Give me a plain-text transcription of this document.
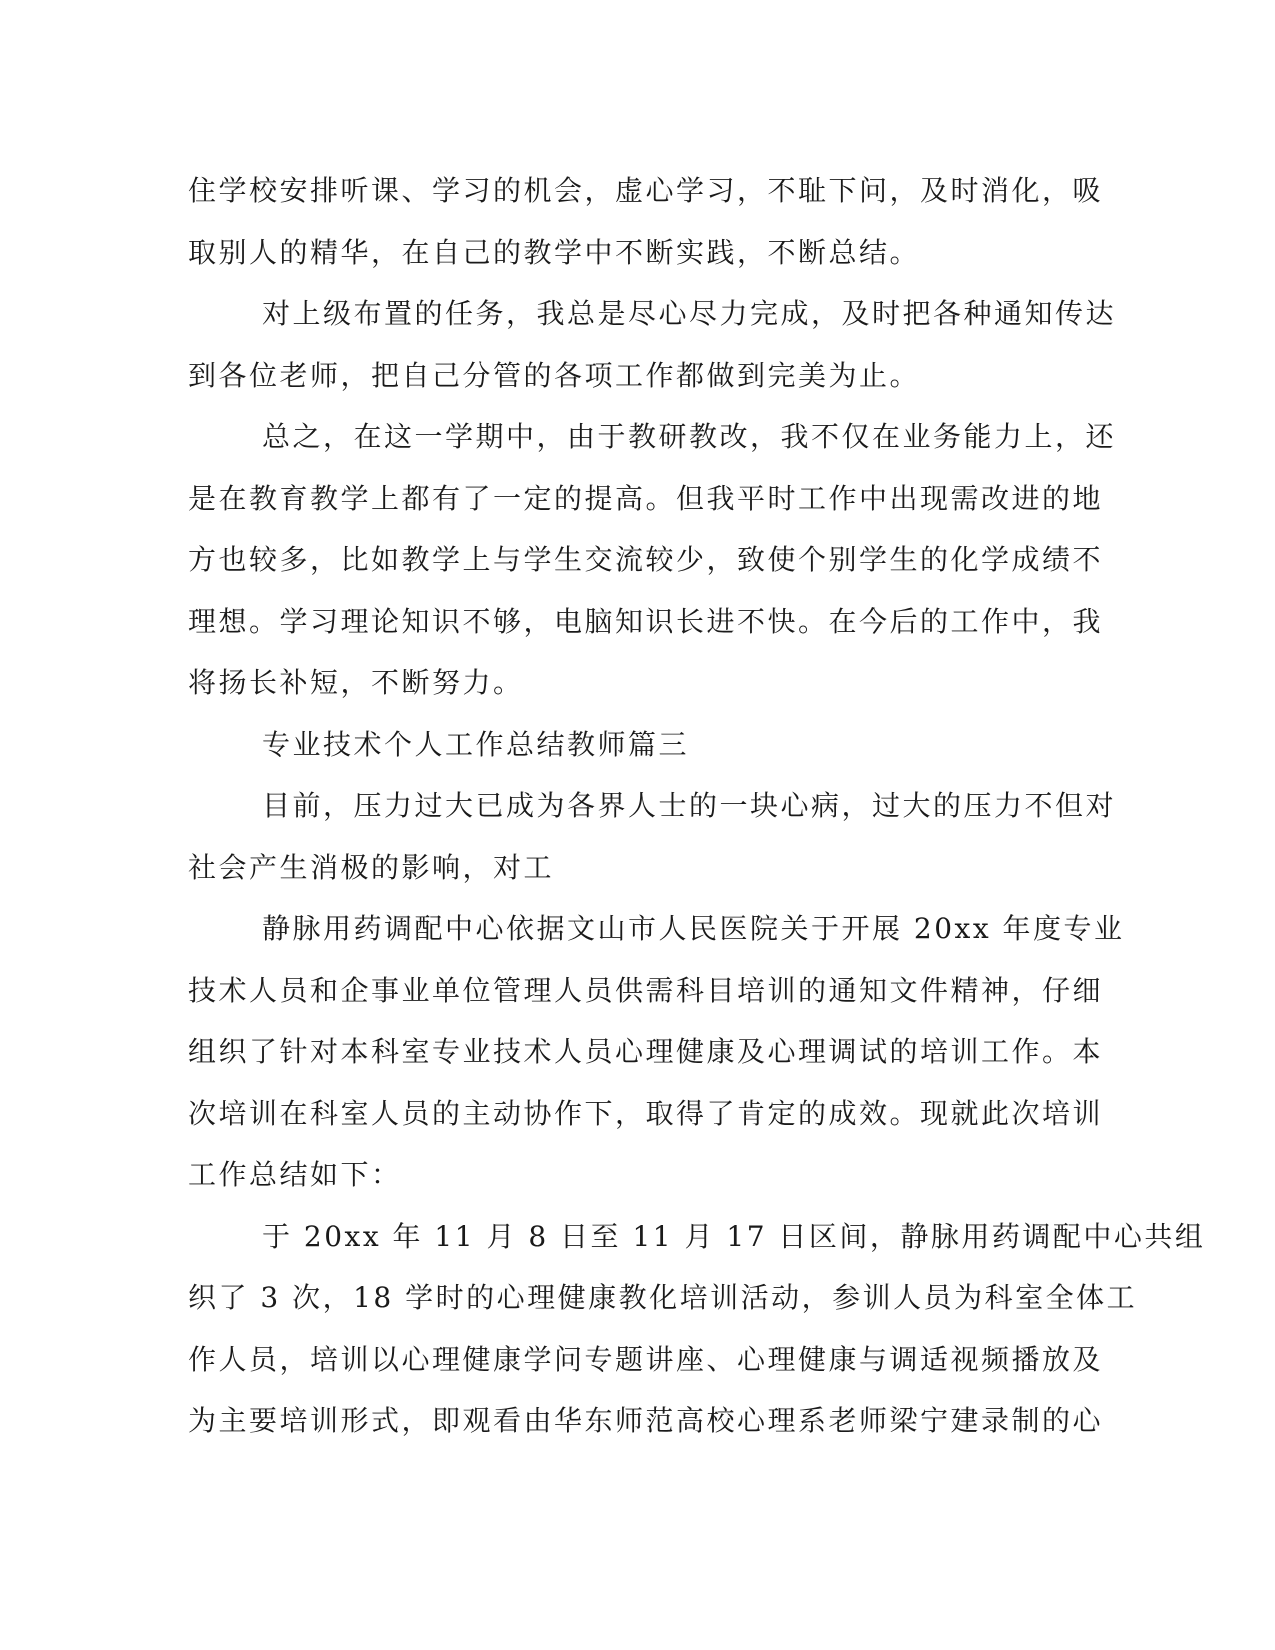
住学校安排听课、学习的机会，虚心学习，不耻下问，及时消化，吸
取别人的精华，在自己的教学中不断实践，不断总结。
对上级布置的任务，我总是尽心尽力完成，及时把各种通知传达
到各位老师，把自己分管的各项工作都做到完美为止。
总之，在这一学期中，由于教研教改，我不仅在业务能力上，还
是在教育教学上都有了一定的提高。但我平时工作中出现需改进的地
方也较多，比如教学上与学生交流较少，致使个别学生的化学成绩不
理想。学习理论知识不够，电脑知识长进不快。在今后的工作中，我
将扬长补短，不断努力。
专业技术个人工作总结教师篇三
目前，压力过大已成为各界人士的一块心病，过大的压力不但对
社会产生消极的影响，对工
静脉用药调配中心依据文山市人民医院关于开展 20xx 年度专业
技术人员和企事业单位管理人员供需科目培训的通知文件精神，仔细
组织了针对本科室专业技术人员心理健康及心理调试的培训工作。本
次培训在科室人员的主动协作下，取得了肯定的成效。现就此次培训
工作总结如下：
于 20xx 年 11 月 8 日至 11 月 17 日区间，静脉用药调配中心共组
织了 3 次，18 学时的心理健康教化培训活动，参训人员为科室全体工
作人员，培训以心理健康学问专题讲座、心理健康与调适视频播放及
为主要培训形式，即观看由华东师范高校心理系老师梁宁建录制的心
